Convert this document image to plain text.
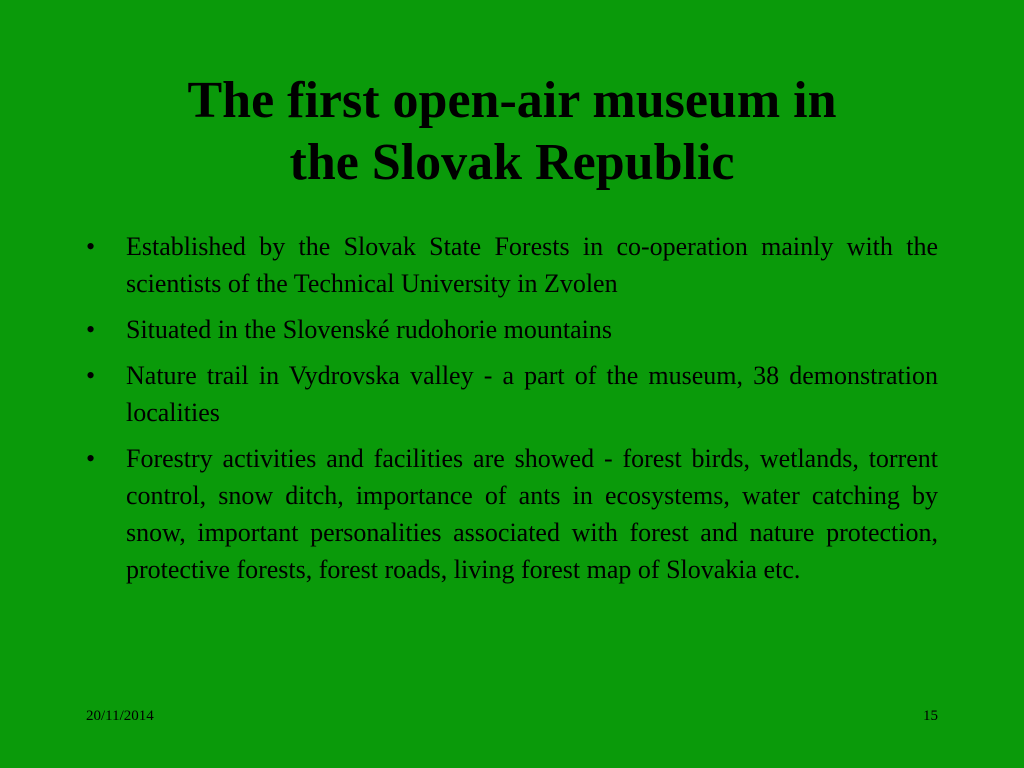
The first open-air museum in
the Slovak Republic
•	Established by the Slovak State Forests in co-operation mainly with the scientists of the Technical University in Zvolen
•	Situated in the Slovenské rudohorie mountains
•	Nature trail in Vydrovska valley - a part of the museum, 38 demonstration localities
•	Forestry activities and facilities are showed - forest birds, wetlands, torrent control, snow ditch, importance of ants in ecosystems, water catching by snow, important personalities associated with forest and nature protection, protective forests, forest roads, living forest map of Slovakia etc.
20/11/2014	15
